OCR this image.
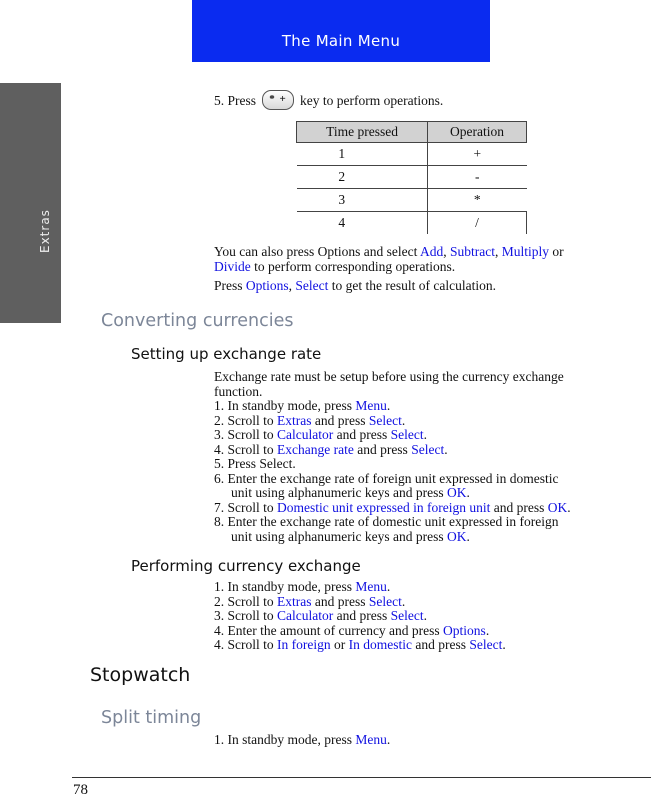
The Main Menu
Extras
5. Press	* + key to perform operations.
Time pressed	Operation
1	+
2	-
3	*
4	/
You can also press Options and select Add, Subtract, Multiply or
Divide to perform corresponding operations.
Press Options, Select to get the result of calculation.
Converting currencies
Setting up exchange rate
Exchange rate must be setup before using the currency exchange
function.
1. In standby mode, press Menu.
2. Scroll to Extras and press Select.
3. Scroll to Calculator and press Select.
4. Scroll to Exchange rate and press Select.
5. Press Select.
6. Enter the exchange rate of foreign unit expressed in domestic
unit using alphanumeric keys and press OK.
7. Scroll to Domestic unit expressed in foreign unit and press OK.
8. Enter the exchange rate of domestic unit expressed in foreign
unit using alphanumeric keys and press OK.
Performing currency exchange
1. In standby mode, press Menu.
2. Scroll to Extras and press Select.
3. Scroll to Calculator and press Select.
4. Enter the amount of currency and press Options.
4. Scroll to In foreign or In domestic and press Select.
Stopwatch
Split timing
1. In standby mode, press Menu.
78
